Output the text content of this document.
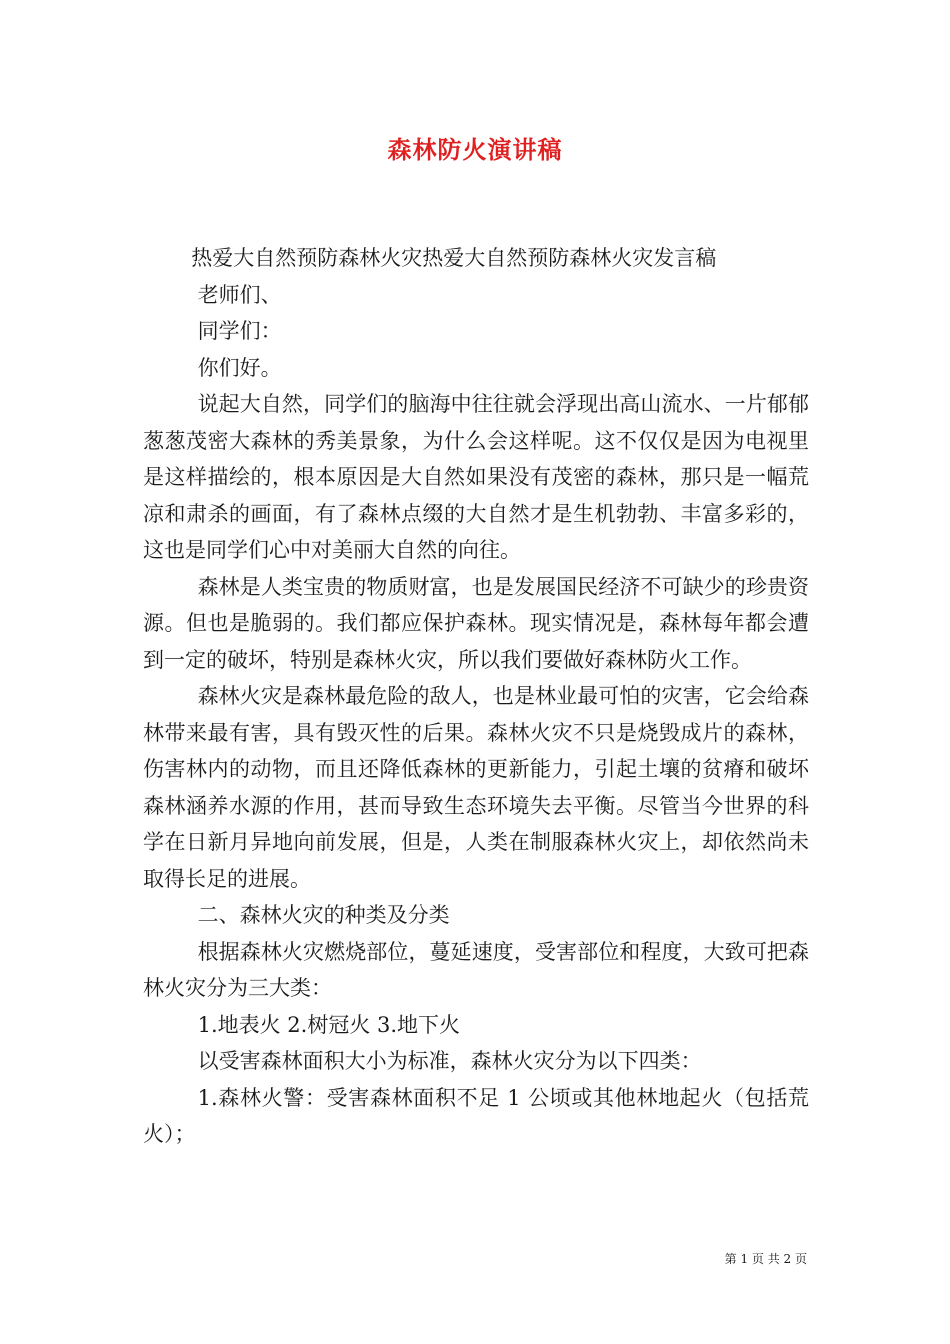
森林防火演讲稿

热爱大自然预防森林火灾热爱大自然预防森林火灾发言稿

老师们、

同学们：

你们好。

说起大自然，同学们的脑海中往往就会浮现出高山流水、一片郁郁葱葱茂密大森林的秀美景象，为什么会这样呢。这不仅仅是因为电视里是这样描绘的，根本原因是大自然如果没有茂密的森林，那只是一幅荒凉和肃杀的画面，有了森林点缀的大自然才是生机勃勃、丰富多彩的，这也是同学们心中对美丽大自然的向往。

森林是人类宝贵的物质财富，也是发展国民经济不可缺少的珍贵资源。但也是脆弱的。我们都应保护森林。现实情况是，森林每年都会遭到一定的破坏，特别是森林火灾，所以我们要做好森林防火工作。

森林火灾是森林最危险的敌人，也是林业最可怕的灾害，它会给森林带来最有害，具有毁灭性的后果。森林火灾不只是烧毁成片的森林，伤害林内的动物，而且还降低森林的更新能力，引起土壤的贫瘠和破坏森林涵养水源的作用，甚而导致生态环境失去平衡。尽管当今世界的科学在日新月异地向前发展，但是，人类在制服森林火灾上，却依然尚未取得长足的进展。

二、森林火灾的种类及分类

根据森林火灾燃烧部位，蔓延速度，受害部位和程度，大致可把森林火灾分为三大类：

1.地表火 2.树冠火 3.地下火

以受害森林面积大小为标准，森林火灾分为以下四类：

1.森林火警：受害森林面积不足 1 公顷或其他林地起火（包括荒火）；

第 1 页 共 2 页
